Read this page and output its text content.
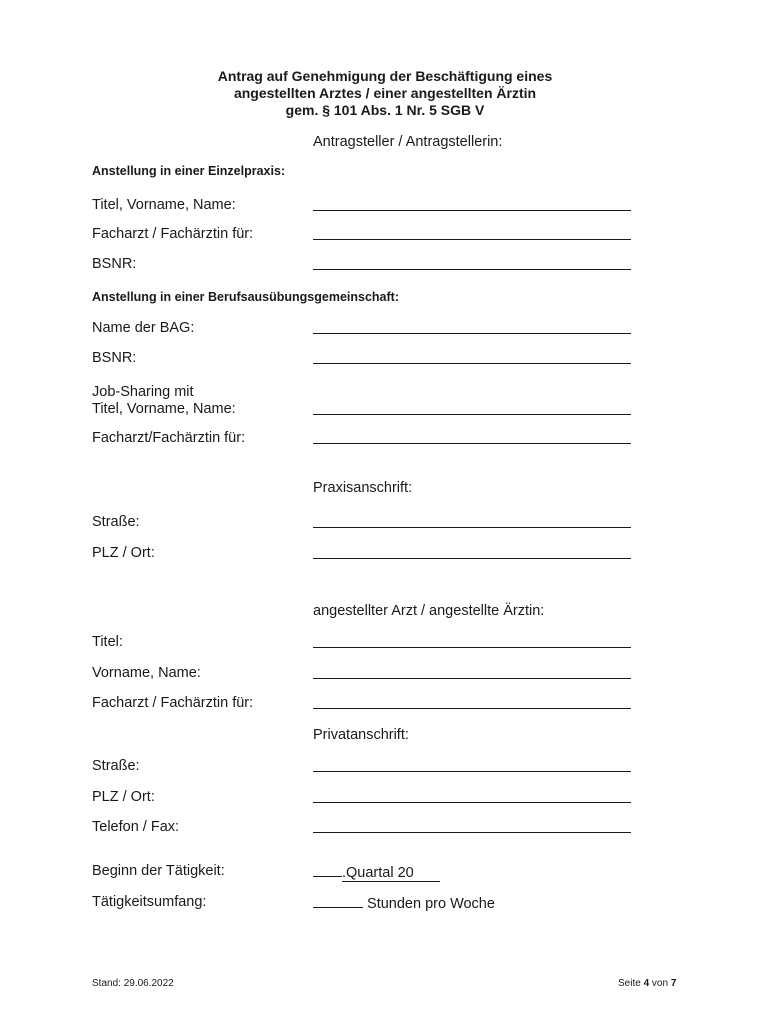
Antrag auf Genehmigung der Beschäftigung eines
angestellten Arztes / einer angestellten Ärztin
gem. § 101 Abs. 1 Nr. 5 SGB V
Antragsteller / Antragstellerin:
Anstellung in einer Einzelpraxis:
Titel, Vorname, Name:
Facharzt / Fachärztin für:
BSNR:
Anstellung in einer Berufsausübungsgemeinschaft:
Name der BAG:
BSNR:
Job-Sharing mit
Titel, Vorname, Name:
Facharzt/Fachärztin für:
Praxisanschrift:
Straße:
PLZ / Ort:
angestellter Arzt / angestellte Ärztin:
Titel:
Vorname, Name:
Facharzt / Fachärztin für:
Privatanschrift:
Straße:
PLZ / Ort:
Telefon / Fax:
Beginn der Tätigkeit:	.Quartal 20
Tätigkeitsumfang:	Stunden pro Woche
Stand: 29.06.2022	Seite 4 von 7
